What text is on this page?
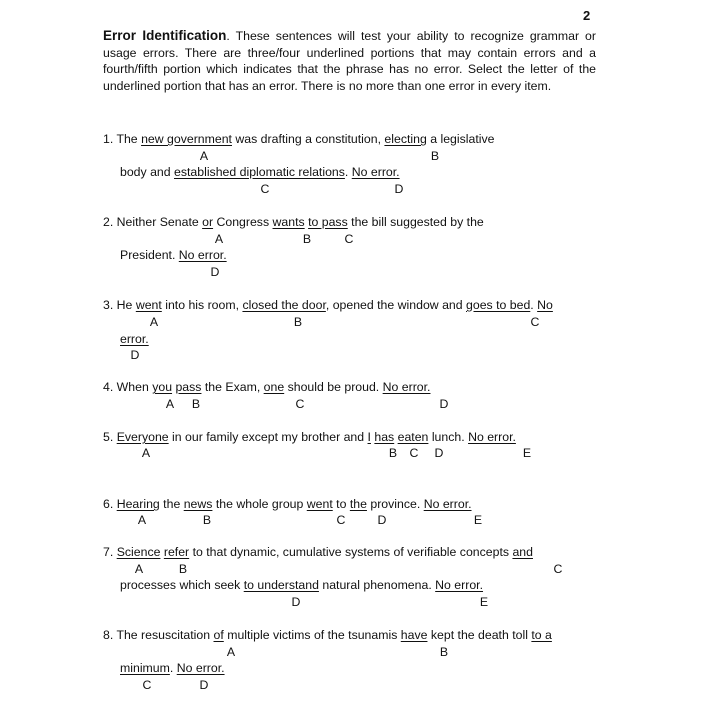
2
Error Identification. These sentences will test your ability to recognize grammar or usage errors. There are three/four underlined portions that may contain errors and a fourth/fifth portion which indicates that the phrase has no error. Select the letter of the underlined portion that has an error. There is no more than one error in every item.
1. The new government was drafting a constitution, electing a legislative
body and established diplomatic relations. No error.
A	B
C	D
2. Neither Senate or Congress wants to pass the bill suggested by the
President. No error.
A	B	C
D
3. He went into his room, closed the door, opened the window and goes to bed. No
error.
A	B	C
D
4. When you pass the Exam, one should be proud. No error.
A B	C	D
5. Everyone in our family except my brother and I has eaten lunch. No error.
A	B C D	E
6. Hearing the news the whole group went to the province. No error.
A	B	C	D	E
7. Science refer to that dynamic, cumulative systems of verifiable concepts and
processes which seek to understand natural phenomena. No error.
A	B	C
D	E
8. The resuscitation of multiple victims of the tsunamis have kept the death toll to a
minimum. No error.
A	B
C	D
